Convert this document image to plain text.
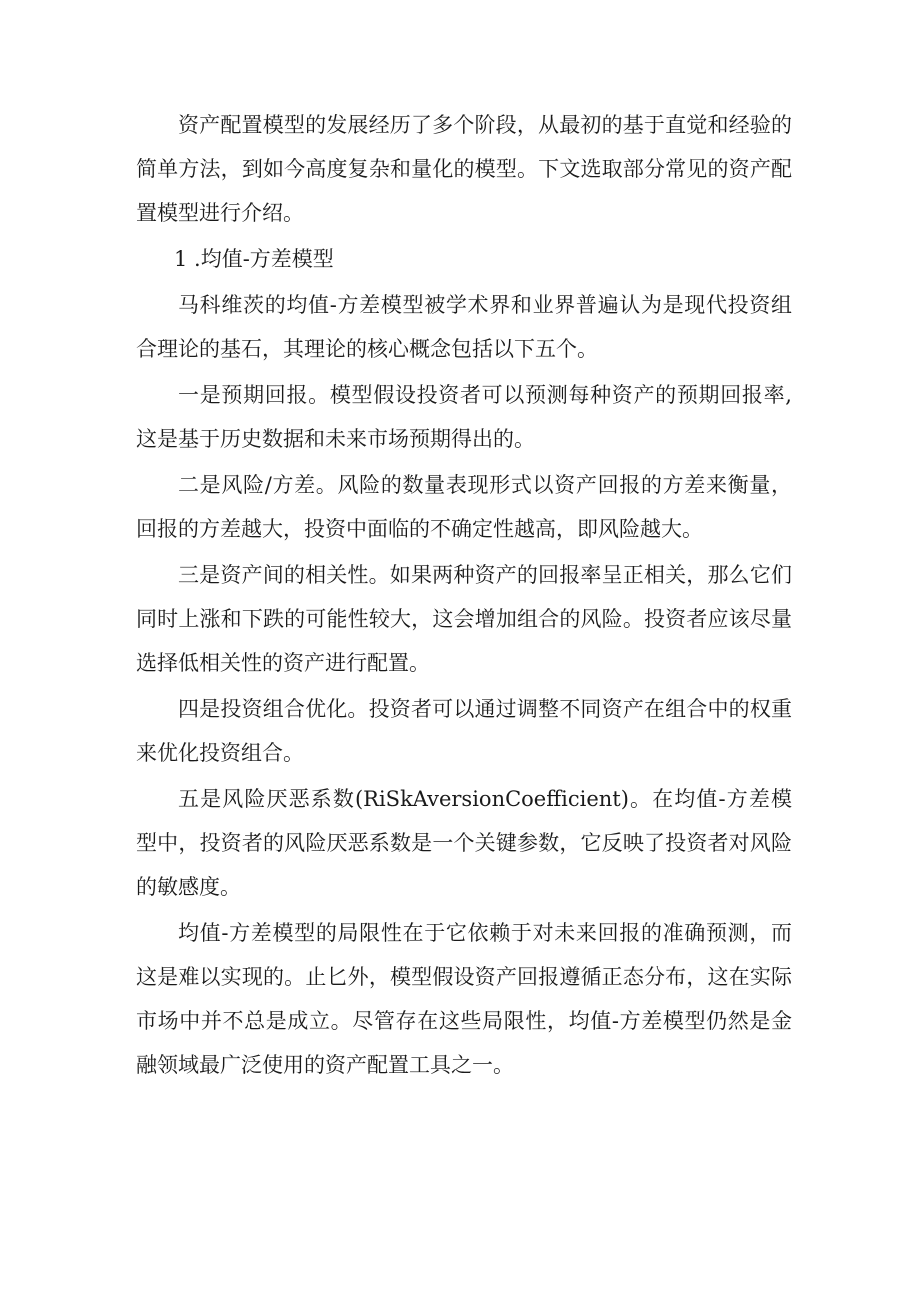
资产配置模型的发展经历了多个阶段，从最初的基于直觉和经验的简单方法，到如今高度复杂和量化的模型。下文选取部分常见的资产配置模型进行介绍。

1 .均值-方差模型

马科维茨的均值-方差模型被学术界和业界普遍认为是现代投资组合理论的基石，其理论的核心概念包括以下五个。

一是预期回报。模型假设投资者可以预测每种资产的预期回报率,这是基于历史数据和未来市场预期得出的。

二是风险/方差。风险的数量表现形式以资产回报的方差来衡量，回报的方差越大，投资中面临的不确定性越高，即风险越大。

三是资产间的相关性。如果两种资产的回报率呈正相关，那么它们同时上涨和下跌的可能性较大，这会增加组合的风险。投资者应该尽量选择低相关性的资产进行配置。

四是投资组合优化。投资者可以通过调整不同资产在组合中的权重来优化投资组合。

五是风险厌恶系数(RiSkAversionCoefficient)。在均值-方差模型中，投资者的风险厌恶系数是一个关键参数，它反映了投资者对风险的敏感度。

均值-方差模型的局限性在于它依赖于对未来回报的准确预测，而这是难以实现的。止匕外，模型假设资产回报遵循正态分布，这在实际市场中并不总是成立。尽管存在这些局限性，均值-方差模型仍然是金融领域最广泛使用的资产配置工具之一。
